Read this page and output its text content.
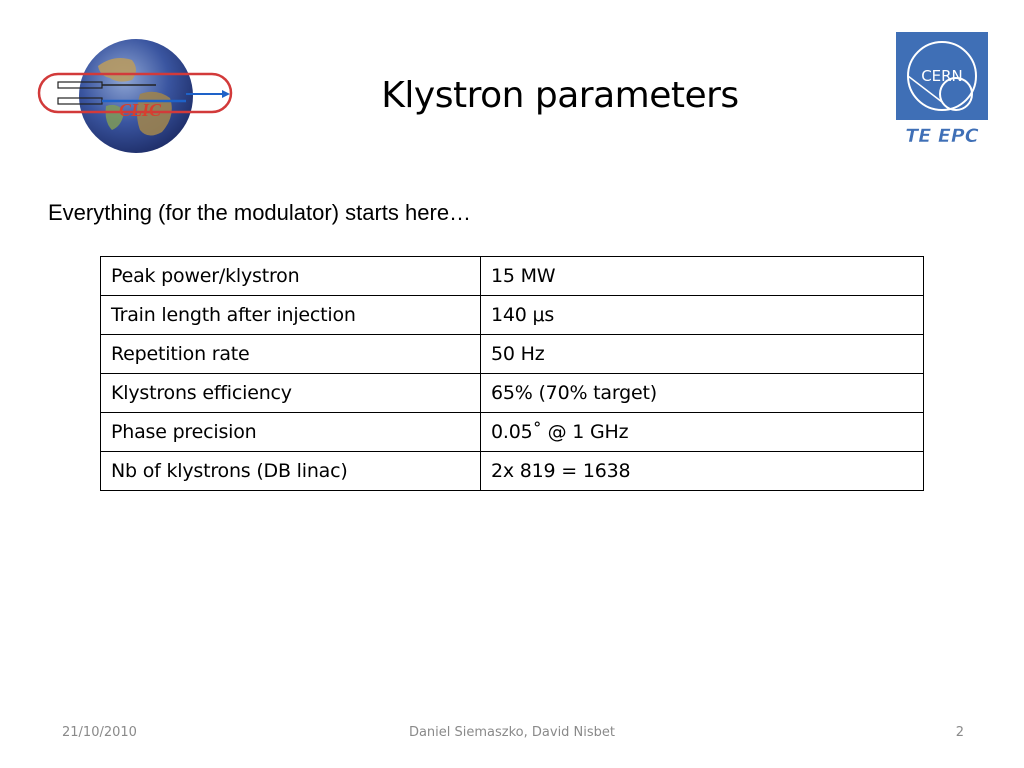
CLIC
CERN
TE EPC
Klystron parameters
Everything (for the modulator) starts here…
Peak power/klystron	15 MW
Train length after injection	140 μs
Repetition rate	50 Hz
Klystrons efficiency	65% (70% target)
Phase precision	0.05˚ @ 1 GHz
Nb of klystrons (DB linac)	2x 819 = 1638
21/10/2010	Daniel Siemaszko, David Nisbet	2
